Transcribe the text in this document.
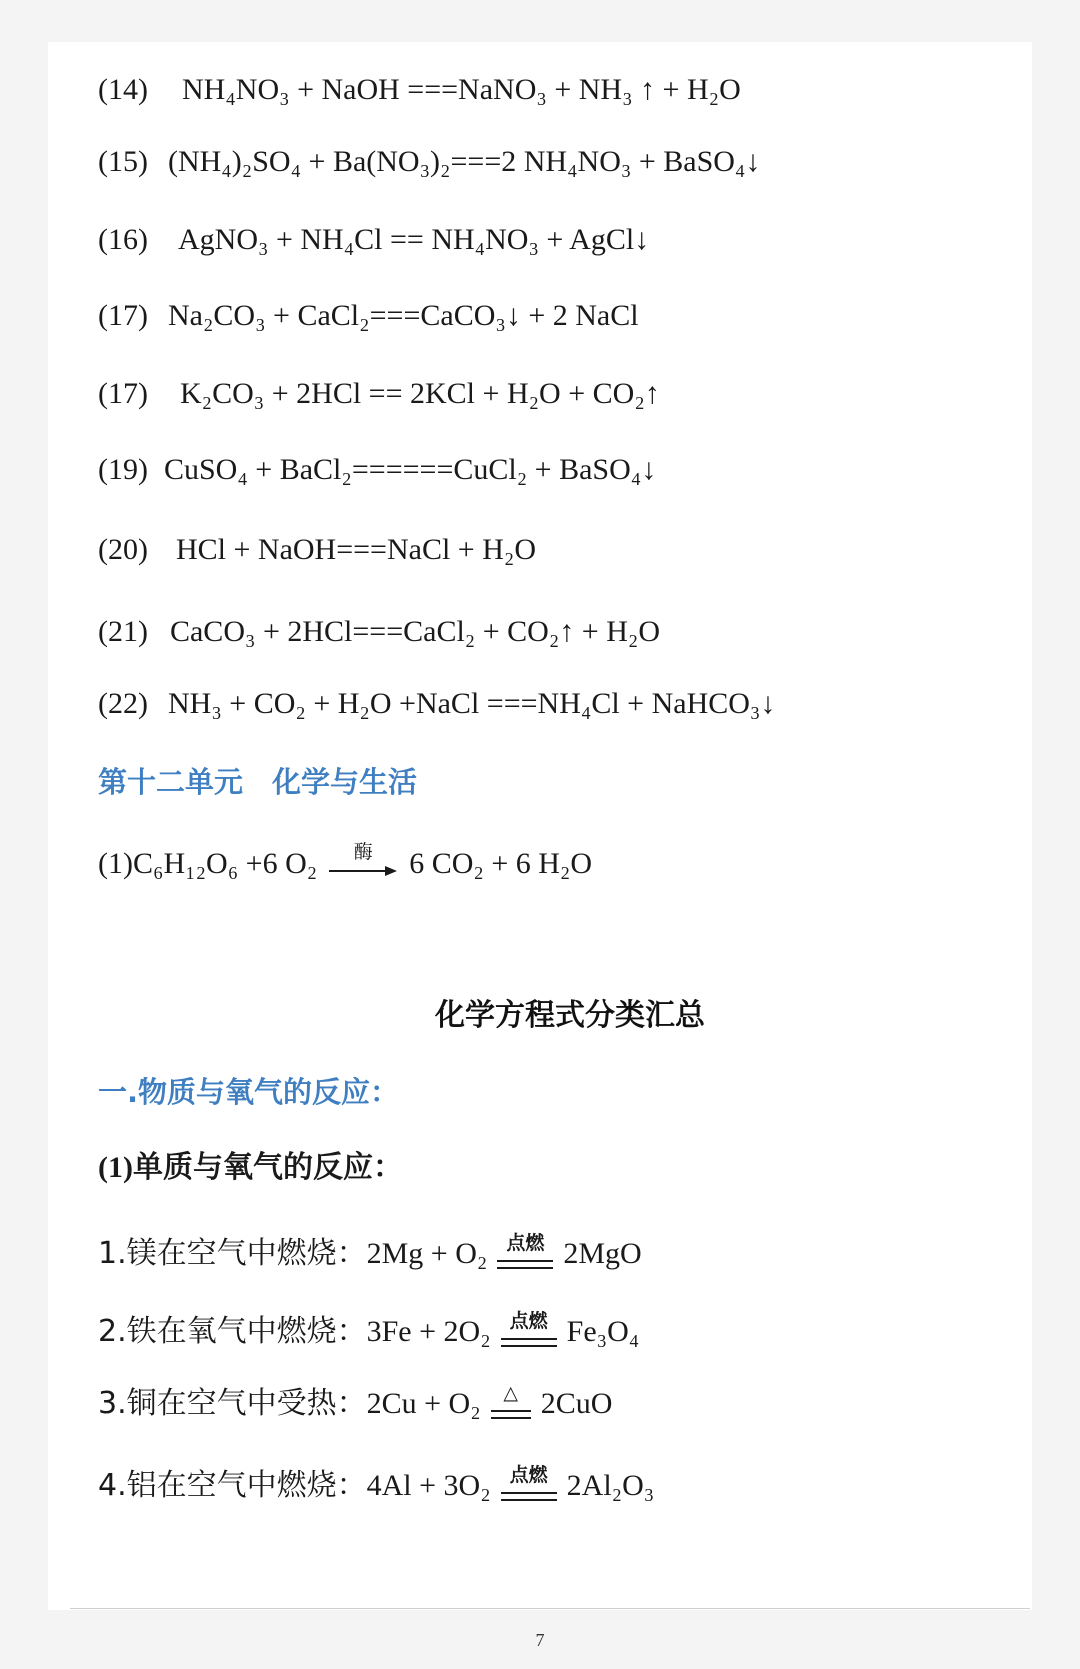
(14) NH₄NO₃ + NaOH ===NaNO₃ + NH₃ ↑ + H₂O
(15) (NH₄)₂SO₄ + Ba(NO₃)₂===2 NH₄NO₃ + BaSO₄↓
(16) AgNO₃ + NH₄Cl == NH₄NO₃ + AgCl↓
(17) Na₂CO₃ + CaCl₂===CaCO₃↓ + 2 NaCl
(17) K₂CO₃ + 2HCl == 2KCl + H₂O + CO₂↑
(19) CuSO₄ + BaCl₂======CuCl₂ + BaSO₄↓
(20) HCl + NaOH===NaCl + H₂O
(21) CaCO₃ + 2HCl===CaCl₂ + CO₂↑ + H₂O
(22) NH₃ + CO₂ + H₂O +NaCl ===NH₄Cl + NaHCO₃↓
第十二单元　化学与生活
(1)C₆H₁₂O₆ +6 O₂	酶	6 CO₂ + 6 H₂O
化学方程式分类汇总
一.物质与氧气的反应：
(1)单质与氧气的反应：
1.镁在空气中燃烧：2Mg + O₂ 点燃 2MgO
2.铁在氧气中燃烧：3Fe + 2O₂ 点燃 Fe₃O₄
3.铜在空气中受热：2Cu + O₂	△ 2CuO
4.铝在空气中燃烧：4Al + 3O₂ 点燃 2Al₂O₃
7
